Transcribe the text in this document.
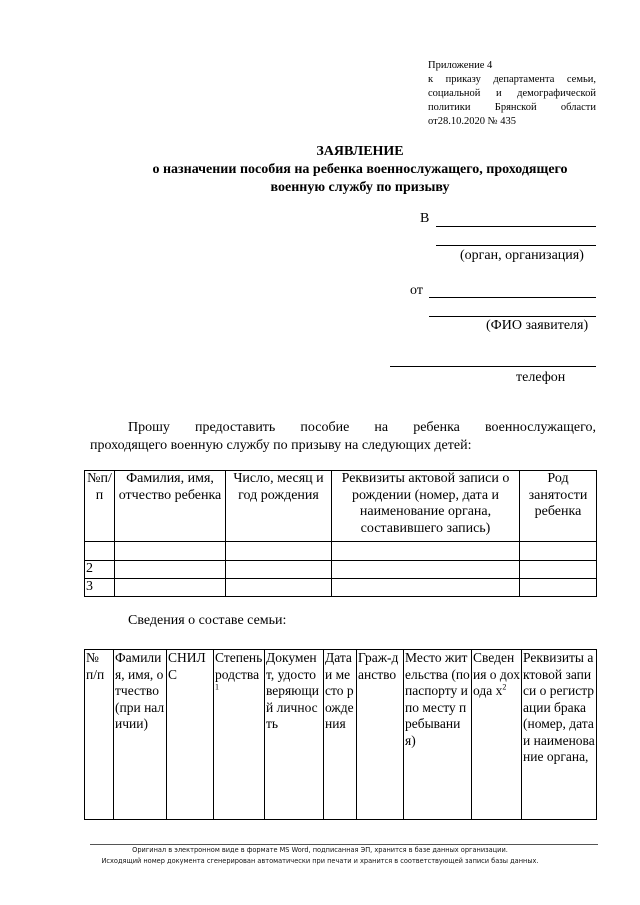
Приложение 4
к приказу департамента семьи,
социальной и демографической
политики Брянской области
от28.10.2020 № 435
ЗАЯВЛЕНИЕ
о назначении пособия на ребенка военнослужащего, проходящего
военную службу по призыву
В
(орган, организация)
от
(ФИО заявителя)
телефон
Прошу предоставить пособие на ребенка военнослужащего,
проходящего военную службу по призыву на следующих детей:
№п/п	Фамилия, имя, отчество ребенка	Число, месяц и год рождения	Реквизиты актовой записи о рождении (номер, дата и наименование органа, составившего запись)	Род занятости ребенка

2				
3				
Сведения о составе семьи:
№ п/п	Фамилия, имя, отчество (при наличии)	СНИЛС	Степень родства$^1$	Документ, удостоверяющий личность	Дата и место рождения	Граж-данство	Место жительства (по паспорту и по месту пребывания)	Сведения о дохода $х^2$	Реквизиты актовой записи о регистрации брака (номер, дата и наименование органа,
Оригинал в электронном виде в формате MS Word, подписанная ЭП, хранится в базе данных организации.
Исходящий номер документа сгенерирован автоматически при печати и хранится в соответствующей записи базы данных.
